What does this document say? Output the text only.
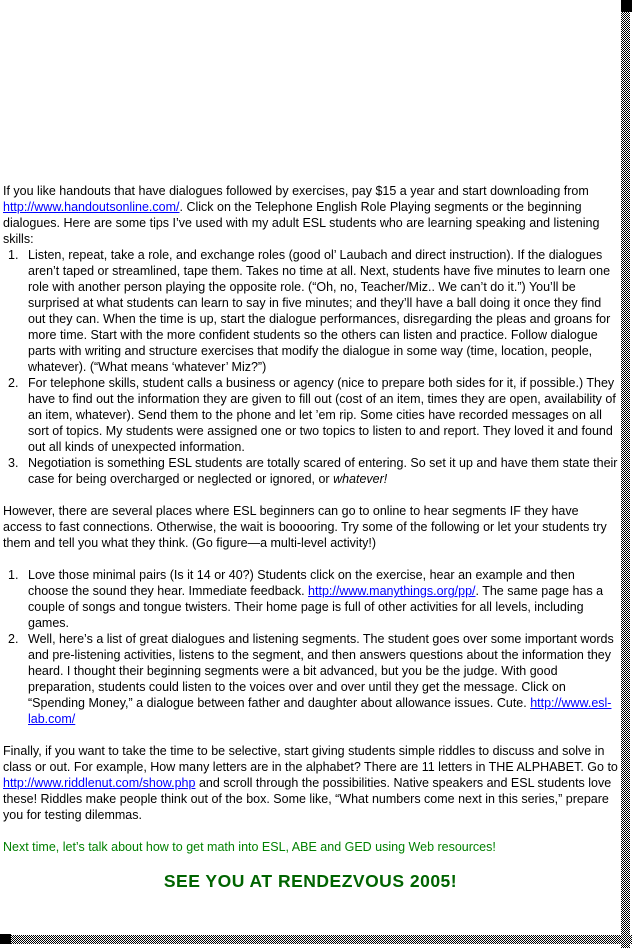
If you like handouts that have dialogues followed by exercises, pay $15 a year and start downloading from http://www.handoutsonline.com/. Click on the Telephone English Role Playing segments or the beginning dialogues. Here are some tips I’ve used with my adult ESL students who are learning speaking and listening skills:
1. Listen, repeat, take a role, and exchange roles (good ol’ Laubach and direct instruction). If the dialogues aren’t taped or streamlined, tape them. Takes no time at all. Next, students have five minutes to learn one role with another person playing the opposite role. (“Oh, no, Teacher/Miz.. We can’t do it.”) You’ll be surprised at what students can learn to say in five minutes; and they’ll have a ball doing it once they find out they can. When the time is up, start the dialogue performances, disregarding the pleas and groans for more time. Start with the more confident students so the others can listen and practice. Follow dialogue parts with writing and structure exercises that modify the dialogue in some way (time, location, people, whatever). (“What means ‘whatever’ Miz?”)
2. For telephone skills, student calls a business or agency (nice to prepare both sides for it, if possible.) They have to find out the information they are given to fill out (cost of an item, times they are open, availability of an item, whatever). Send them to the phone and let ’em rip. Some cities have recorded messages on all sort of topics. My students were assigned one or two topics to listen to and report. They loved it and found out all kinds of unexpected information.
3. Negotiation is something ESL students are totally scared of entering. So set it up and have them state their case for being overcharged or neglected or ignored, or whatever!
However, there are several places where ESL beginners can go to online to hear segments IF they have access to fast connections. Otherwise, the wait is booooring. Try some of the following or let your students try them and tell you what they think. (Go figure—a multi-level activity!)
1. Love those minimal pairs (Is it 14 or 40?) Students click on the exercise, hear an example and then choose the sound they hear. Immediate feedback. http://www.manythings.org/pp/. The same page has a couple of songs and tongue twisters. Their home page is full of other activities for all levels, including games.
2. Well, here’s a list of great dialogues and listening segments. The student goes over some important words and pre-listening activities, listens to the segment, and then answers questions about the information they heard. I thought their beginning segments were a bit advanced, but you be the judge. With good preparation, students could listen to the voices over and over until they get the message. Click on “Spending Money,” a dialogue between father and daughter about allowance issues. Cute. http://www.esl-lab.com/
Finally, if you want to take the time to be selective, start giving students simple riddles to discuss and solve in class or out. For example, How many letters are in the alphabet? There are 11 letters in THE ALPHABET. Go to http://www.riddlenut.com/show.php and scroll through the possibilities. Native speakers and ESL students love these! Riddles make people think out of the box. Some like, “What numbers come next in this series,” prepare you for testing dilemmas.
Next time, let’s talk about how to get math into ESL, ABE and GED using Web resources!
SEE YOU AT RENDEZVOUS 2005!
